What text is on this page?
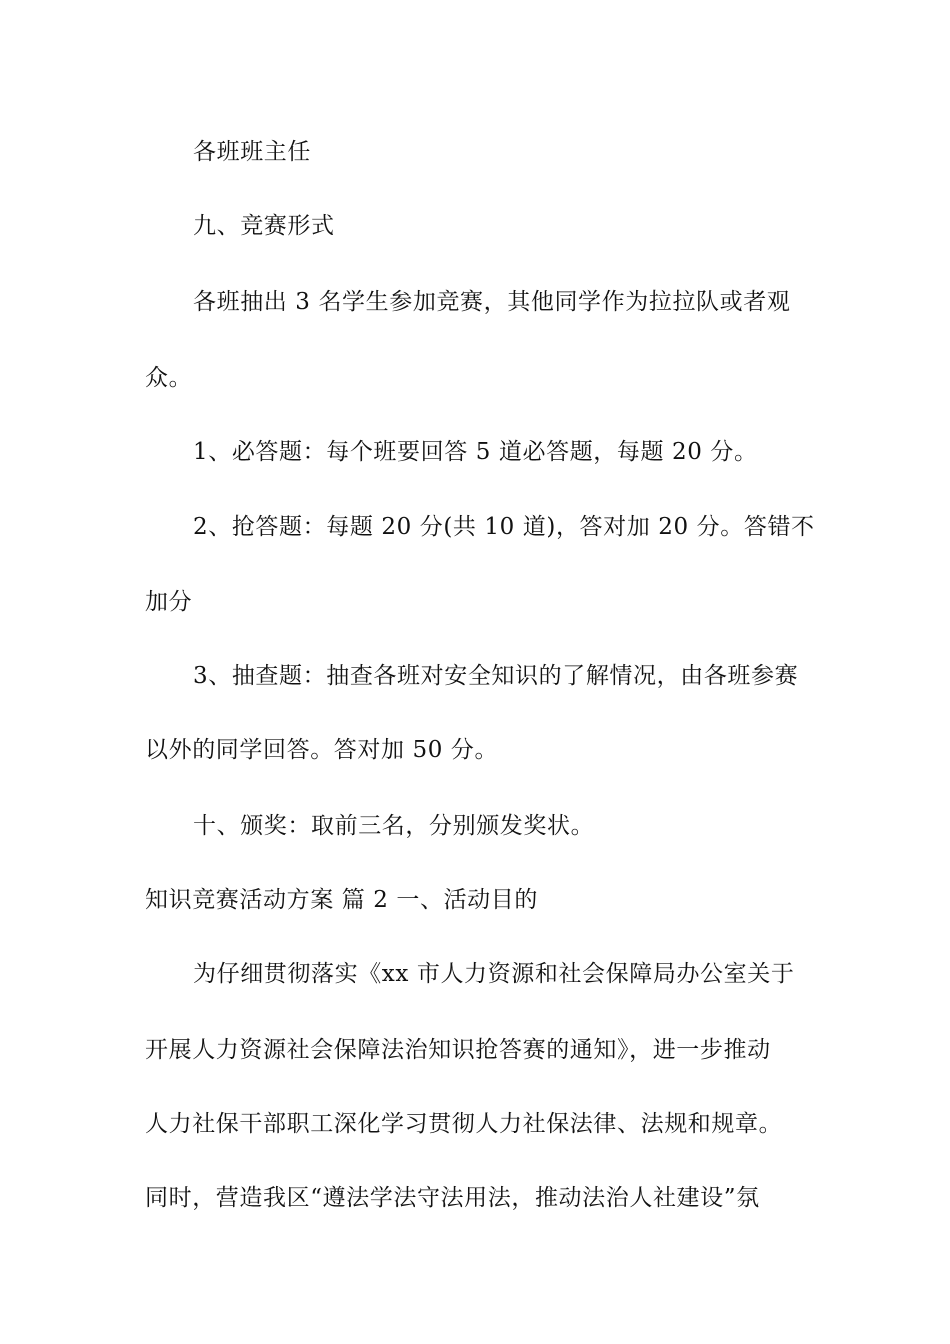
各班班主任
九、竞赛形式
各班抽出 3 名学生参加竞赛，其他同学作为拉拉队或者观
众。
1、必答题：每个班要回答 5 道必答题，每题 20 分。
2、抢答题：每题 20 分(共 10 道)，答对加 20 分。答错不
加分
3、抽查题：抽查各班对安全知识的了解情况，由各班参赛
以外的同学回答。答对加 50 分。
十、颁奖：取前三名，分别颁发奖状。
知识竞赛活动方案 篇 2 一、活动目的
为仔细贯彻落实《xx 市人力资源和社会保障局办公室关于
开展人力资源社会保障法治知识抢答赛的通知》，进一步推动
人力社保干部职工深化学习贯彻人力社保法律、法规和规章。
同时，营造我区“遵法学法守法用法，推动法治人社建设”氛
